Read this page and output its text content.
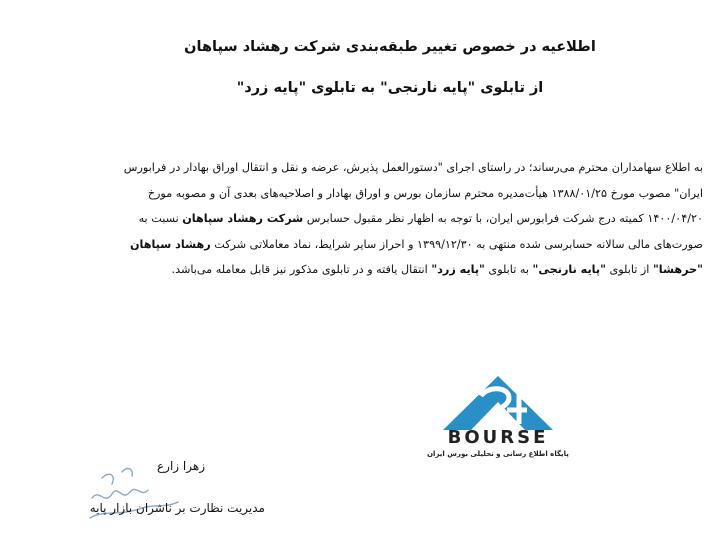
اطلاعیه در خصوص تغییر طبقه‌بندی شرکت رهشاد سپاهان
از تابلوی "پایه نارنجی" به تابلوی "پایه زرد"
به اطلاع سهامداران محترم می‌رساند؛ در راستای اجرای "دستورالعمل پذیرش، عرضه و نقل و انتقال اوراق بهادار در فرابورس
ایران" مصوب مورخ ۱۳۸۸/۰۱/۲۵ هیأت‌مدیره محترم سازمان بورس و اوراق بهادار و اصلاحیه‌های بعدی آن و مصوبه مورخ
۱۴۰۰/۰۴/۲۰ کمیته درج شرکت فرابورس ایران، با توجه به اظهار نظر مقبول حسابرس شرکت رهشاد سپاهان نسبت به
صورت‌های مالی سالانه حسابرسی شده منتهی به ۱۳۹۹/۱۲/۳۰ و احراز سایر شرایط، نماد معاملاتی شرکت رهشاد سپاهان
"حرهشا" از تابلوی "پایه نارنجی" به تابلوی "پایه زرد" انتقال یافته و در تابلوی مذکور نیز قابل معامله می‌باشد.
BOURSE
پایگاه اطلاع رسانی و تحلیلی بورس ایران
زهرا زارع
مدیریت نظارت بر ناشران بازار پایه
